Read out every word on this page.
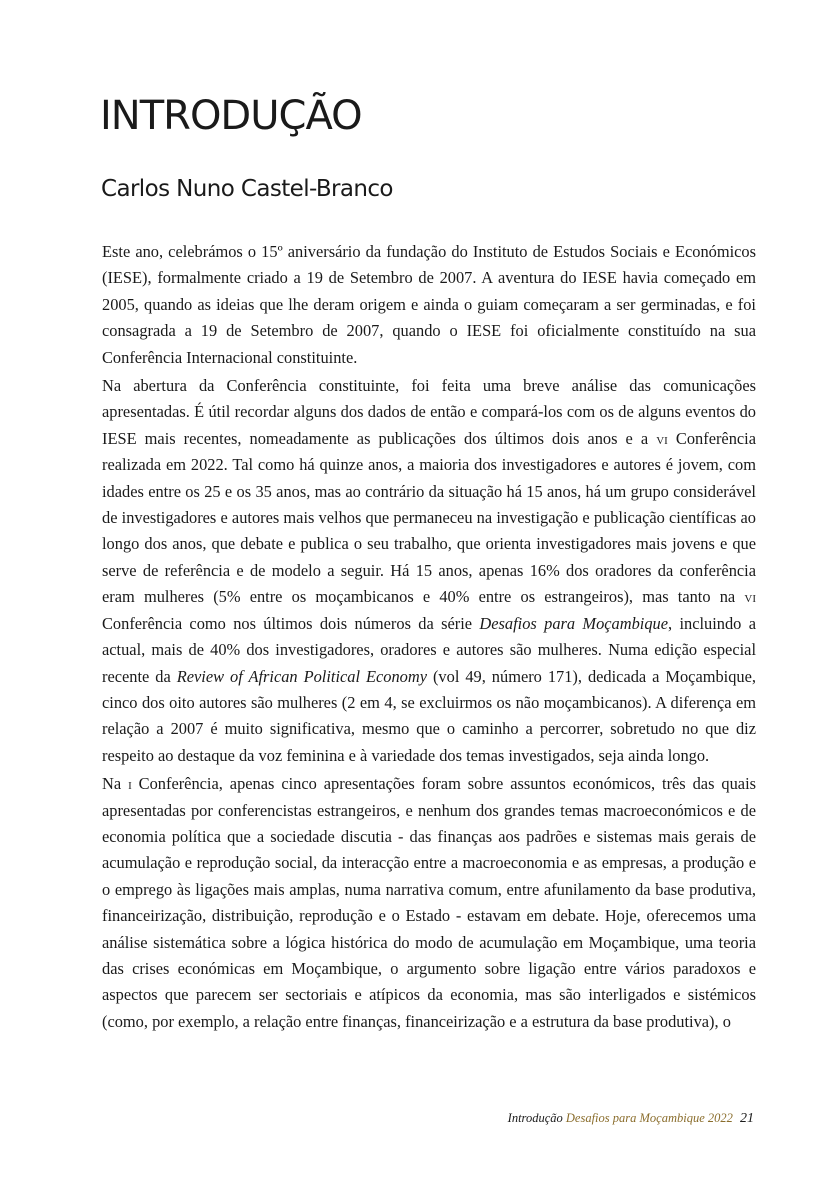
INTRODUÇÃO
Carlos Nuno Castel-Branco

Este ano, celebrámos o 15º aniversário da fundação do Instituto de Estudos Sociais e Económicos (IESE), formalmente criado a 19 de Setembro de 2007. A aventura do IESE havia começado em 2005, quando as ideias que lhe deram origem e ainda o guiam começaram a ser germinadas, e foi consagrada a 19 de Setembro de 2007, quando o IESE foi oficialmente constituído na sua Conferência Internacional constituinte.

Na abertura da Conferência constituinte, foi feita uma breve análise das comunicações apresentadas. É útil recordar alguns dos dados de então e compará-los com os de alguns eventos do IESE mais recentes, nomeadamente as publicações dos últimos dois anos e a vi Conferência realizada em 2022. Tal como há quinze anos, a maioria dos investigadores e autores é jovem, com idades entre os 25 e os 35 anos, mas ao contrário da situação há 15 anos, há um grupo considerável de investigadores e autores mais velhos que permaneceu na investigação e publicação científicas ao longo dos anos, que debate e publica o seu trabalho, que orienta investigadores mais jovens e que serve de referência e de modelo a seguir. Há 15 anos, apenas 16% dos oradores da conferência eram mulheres (5% entre os moçambicanos e 40% entre os estrangeiros), mas tanto na vi Conferência como nos últimos dois números da série Desafios para Moçambique, incluindo a actual, mais de 40% dos investigadores, oradores e autores são mulheres. Numa edição especial recente da Review of African Political Economy (vol 49, número 171), dedicada a Moçambique, cinco dos oito autores são mulheres (2 em 4, se excluirmos os não moçambicanos). A diferença em relação a 2007 é muito significativa, mesmo que o caminho a percorrer, sobretudo no que diz respeito ao destaque da voz feminina e à variedade dos temas investigados, seja ainda longo.

Na i Conferência, apenas cinco apresentações foram sobre assuntos económicos, três das quais apresentadas por conferencistas estrangeiros, e nenhum dos grandes temas macroeconómicos e de economia política que a sociedade discutia - das finanças aos padrões e sistemas mais gerais de acumulação e reprodução social, da interacção entre a macroeconomia e as empresas, a produção e o emprego às ligações mais amplas, numa narrativa comum, entre afunilamento da base produtiva, financeirização, distribuição, reprodução e o Estado - estavam em debate. Hoje, oferecemos uma análise sistemática sobre a lógica histórica do modo de acumulação em Moçambique, uma teoria das crises económicas em Moçambique, o argumento sobre ligação entre vários paradoxos e aspectos que parecem ser sectoriais e atípicos da economia, mas são interligados e sistémicos (como, por exemplo, a relação entre finanças, financeirização e a estrutura da base produtiva), o

Introdução Desafios para Moçambique 2022 21
